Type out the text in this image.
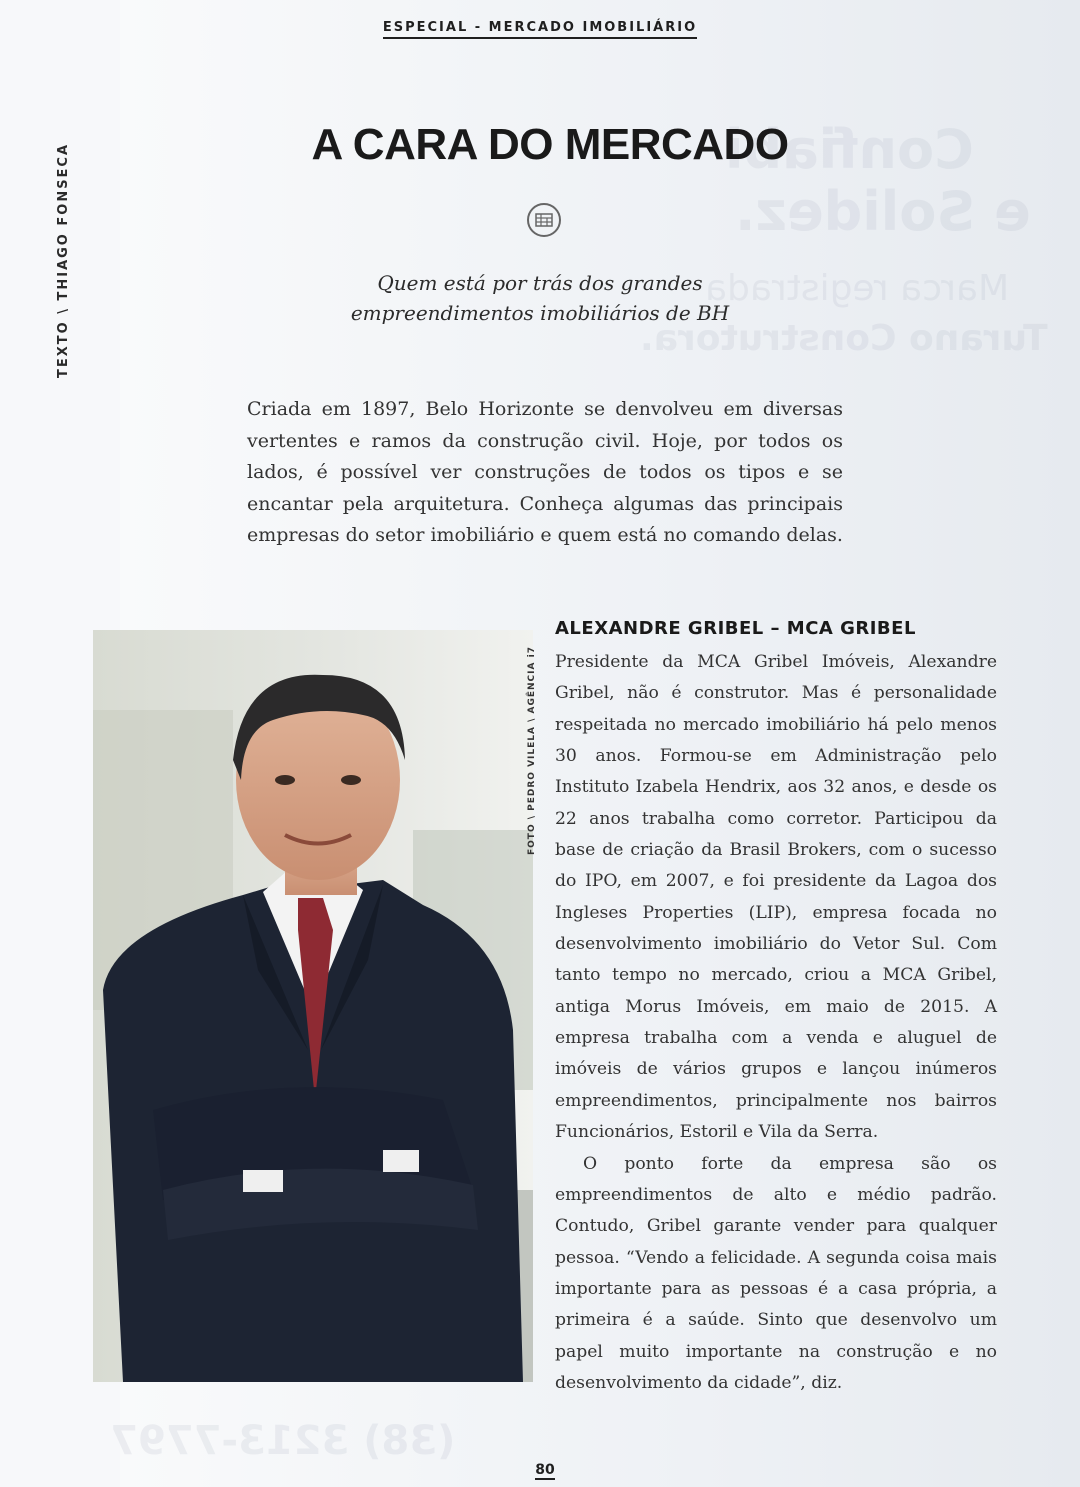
ESPECIAL - MERCADO IMOBILIÁRIO
TEXTO \ THIAGO FONSECA	A CARA DO MERCADO
Quem está por trás dos grandes
empreendimentos imobiliários de BH

Criada em 1897, Belo Horizonte se denvolveu em diversas vertentes e ramos da construção civil. Hoje, por todos os lados, é possível ver construções de todos os tipos e se encantar pela arquitetura. Conheça algumas das principais empresas do setor imobiliário e quem está no comando delas.

FOTO \ PEDRO VILELA \ AGÊNCIA i7
ALEXANDRE GRIBEL – MCA GRIBEL

Presidente da MCA Gribel Imóveis, Alexandre Gribel, não é construtor. Mas é personalidade respeitada no mercado imobiliário há pelo menos 30 anos. Formou-se em Administração pelo Instituto Izabela Hendrix, aos 32 anos, e desde os 22 anos trabalha como corretor. Participou da base de criação da Brasil Brokers, com o sucesso do IPO, em 2007, e foi presidente da Lagoa dos Ingleses Properties (LIP), empresa focada no desenvolvimento imobiliário do Vetor Sul. Com tanto tempo no mercado, criou a MCA Gribel, antiga Morus Imóveis, em maio de 2015. A empresa trabalha com a venda e aluguel de imóveis de vários grupos e lançou inúmeros empreendimentos, principalmente nos bairros Funcionários, Estoril e Vila da Serra.

O ponto forte da empresa são os empreendimentos de alto e médio padrão. Contudo, Gribel garante vender para qualquer pessoa. “Vendo a felicidade. A segunda coisa mais importante para as pessoas é a casa própria, a primeira é a saúde. Sinto que desenvolvo um papel muito importante na construção e no desenvolvimento da cidade”, diz.

80
